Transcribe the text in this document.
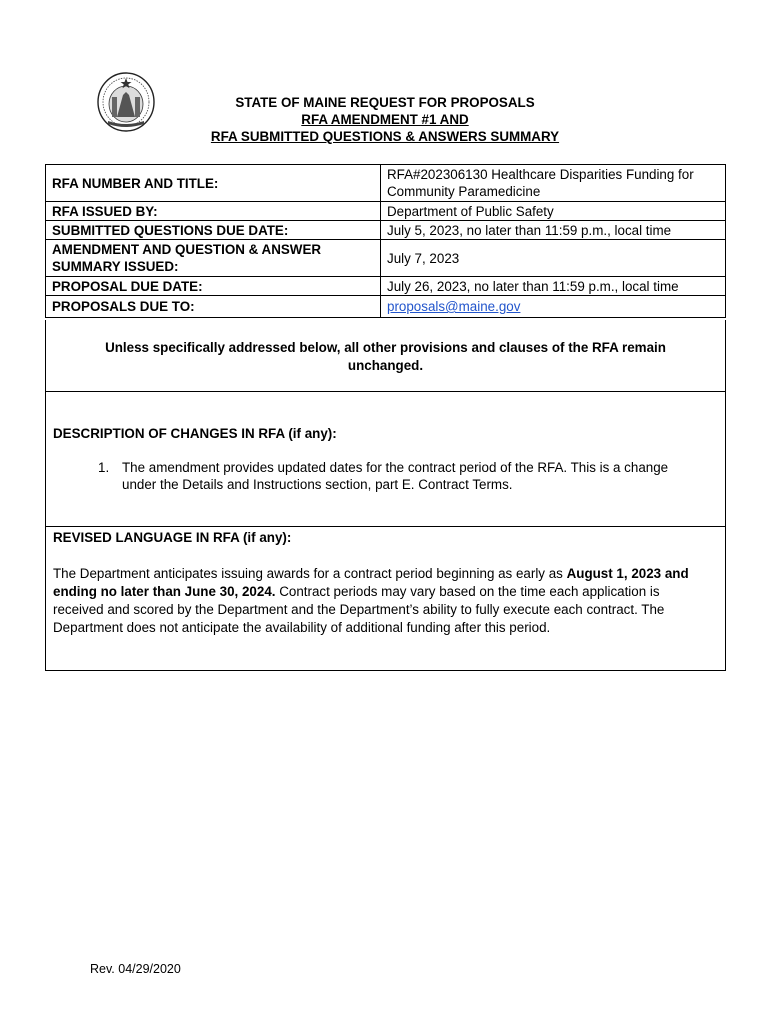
STATE OF MAINE REQUEST FOR PROPOSALS
RFA AMENDMENT #1 AND
RFA SUBMITTED QUESTIONS & ANSWERS SUMMARY
RFA NUMBER AND TITLE:	RFA#202306130 Healthcare Disparities Funding for Community Paramedicine
RFA ISSUED BY:	Department of Public Safety
SUBMITTED QUESTIONS DUE DATE:	July 5, 2023, no later than 11:59 p.m., local time
AMENDMENT AND QUESTION & ANSWER SUMMARY ISSUED:	July 7, 2023
PROPOSAL DUE DATE:	July 26, 2023, no later than 11:59 p.m., local time
PROPOSALS DUE TO:	proposals@maine.gov
Unless specifically addressed below, all other provisions and clauses of the RFA remain unchanged.
DESCRIPTION OF CHANGES IN RFA (if any):
1. The amendment provides updated dates for the contract period of the RFA. This is a change under the Details and Instructions section, part E. Contract Terms.
REVISED LANGUAGE IN RFA (if any):
The Department anticipates issuing awards for a contract period beginning as early as August 1, 2023 and ending no later than June 30, 2024. Contract periods may vary based on the time each application is received and scored by the Department and the Department’s ability to fully execute each contract. The Department does not anticipate the availability of additional funding after this period.
Rev. 04/29/2020
